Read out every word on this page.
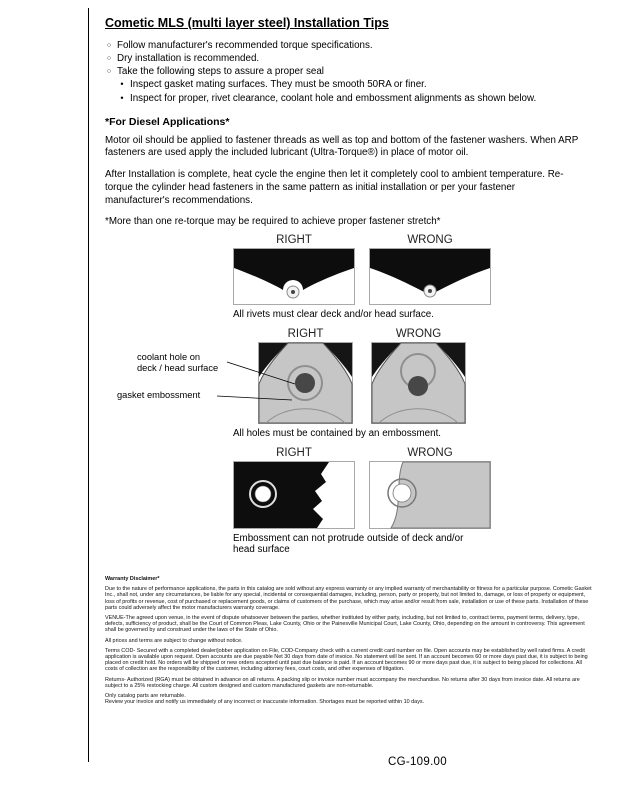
Cometic MLS (multi layer steel) Installation Tips
○ Follow manufacturer's recommended torque specifications.
○ Dry installation is recommended.
○ Take the following steps to assure a proper seal
• Inspect gasket mating surfaces. They must be smooth 50RA or finer.
• Inspect for proper, rivet clearance, coolant hole and embossment alignments as shown below.
*For Diesel Applications*

Motor oil should be applied to fastener threads as well as top and bottom of the fastener washers. When ARP fasteners are used apply the included lubricant (Ultra-Torque®) in place of motor oil.

After Installation is complete, heat cycle the engine then let it completely cool to ambient temperature. Re-torque the cylinder head fasteners in the same pattern as initial installation or per your fastener manufacturer's recommendations.

*More than one re-torque may be required to achieve proper fastener stretch*

RIGHT	WRONG
All rivets must clear deck and/or head surface.
RIGHT	WRONG
coolant hole on
deck / head surface
gasket embossment
All holes must be contained by an embossment.
RIGHT	WRONG
Embossment can not protrude outside of deck and/or head surface
Warranty Disclaimer*

Due to the nature of performance applications, the parts in this catalog are sold without any express warranty or any implied warranty of merchantability or fitness for a particular purpose. Cometic Gasket Inc., shall not, under any circumstances, be liable for any special, incidental or consequential damages, including, person, party or property, but not limited to, damage, or loss of property or equipment, loss of profits or revenue, cost of purchased or replacement goods, or claims of customers of the purchase, which may arise and/or result from sale, installation or use of these parts. Installation of these parts could adversely affect the motor manufacturers warranty coverage.

VENUE-The agreed upon venue, in the event of dispute whatsoever between the parties, whether instituted by either party, including, but not limited to, contract terms, payment terms, delivery, type, defects, sufficiency of product, shall be the Court of Common Pleas, Lake County, Ohio or the Painesville Municipal Court, Lake County, Ohio, depending on the amount in controversy. This agreement shall be governed by and construed under the laws of the State of Ohio.

All prices and terms are subject to change without notice.

Terms COD- Secured with a completed dealer/jobber application on File, COD-Company check with a current credit card number on file. Open accounts may be established by well rated firms. A credit application is available upon request. Open accounts are due payable Net 30 days from date of invoice. No statement will be sent. If an account becomes 60 or more days past due, it is subject to being placed on credit hold. No orders will be shipped or new orders accepted until past due balance is paid. If an account becomes 90 or more days past due, it is subject to being placed for collections. All costs of collection are the responsibility of the customer, including attorney fees, court costs, and other expenses of litigation.

Returns- Authorized (RGA) must be obtained in advance on all returns. A packing slip or invoice number must accompany the merchandise. No returns after 30 days from invoice date. All returns are subject to a 25% restocking charge. All custom designed and custom manufactured gaskets are non-returnable.

Only catalog parts are returnable.

Review your invoice and notify us immediately of any incorrect or inaccurate information. Shortages must be reported within 10 days.

CG-109.00
